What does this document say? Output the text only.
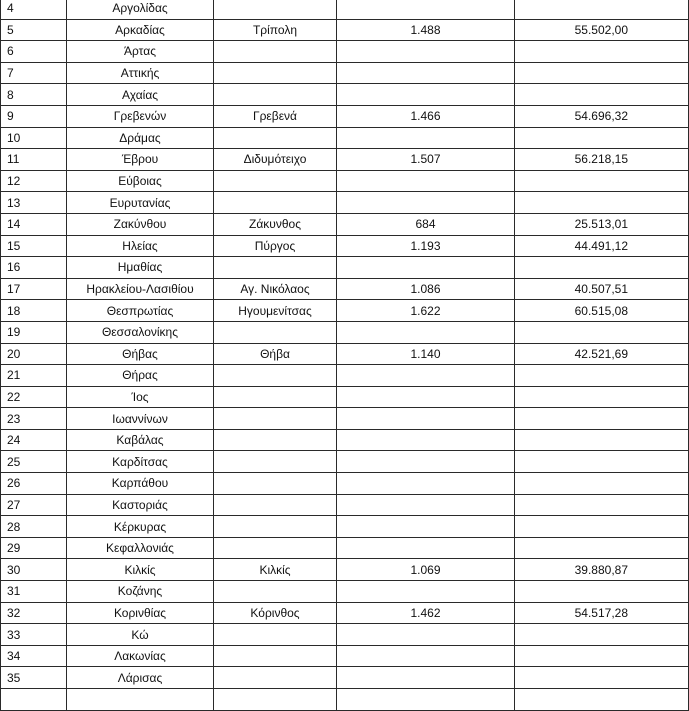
4	Αργολίδας			
5	Αρκαδίας	Τρίπολη	1.488	55.502,00
6	Άρτας			
7	Αττικής			
8	Αχαίας			
9	Γρεβενών	Γρεβενά	1.466	54.696,32
10	Δράμας			
11	Έβρου	Διδυμότειχο	1.507	56.218,15
12	Εύβοιας			
13	Ευρυτανίας			
14	Ζακύνθου	Ζάκυνθος	684	25.513,01
15	Ηλείας	Πύργος	1.193	44.491,12
16	Ημαθίας			
17	Ηρακλείου-Λασιθίου	Αγ. Νικόλαος	1.086	40.507,51
18	Θεσπρωτίας	Ηγουμενίτσας	1.622	60.515,08
19	Θεσσαλονίκης			
20	Θήβας	Θήβα	1.140	42.521,69
21	Θήρας			
22	Ίος			
23	Ιωαννίνων			
24	Καβάλας			
25	Καρδίτσας			
26	Καρπάθου			
27	Καστοριάς			
28	Κέρκυρας			
29	Κεφαλλονιάς			
30	Κιλκίς	Κιλκίς	1.069	39.880,87
31	Κοζάνης			
32	Κορινθίας	Κόρινθος	1.462	54.517,28
33	Κώ			
34	Λακωνίας			
35	Λάρισας			
